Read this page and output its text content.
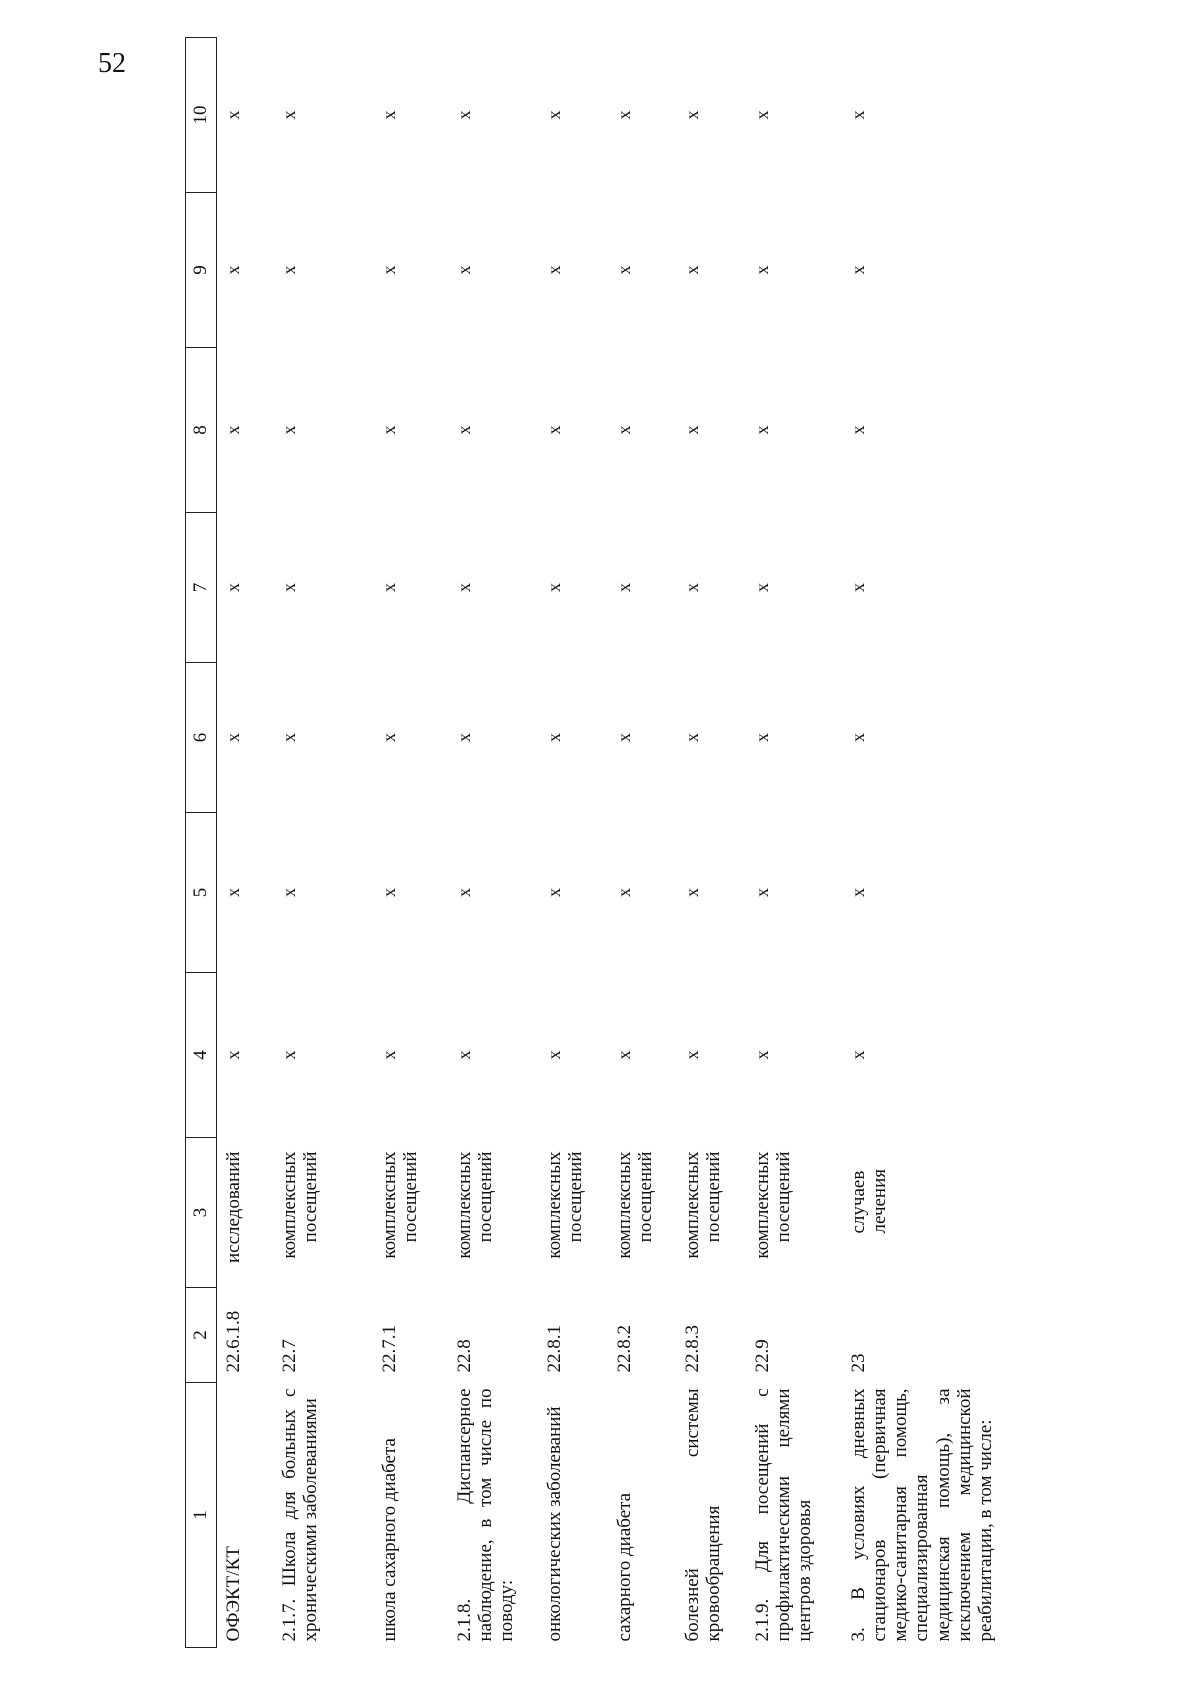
52
1	2	3	4	5	6	7	8	9	10
ОФЭКТ/КТ	22.6.1.8	исследований	х	х	х	х	х	х	х
2.1.7. Школа для больных с хроническими заболеваниями	22.7	комплексных посещений	х	х	х	х	х	х	х
школа сахарного диабета	22.7.1	комплексных посещений	х	х	х	х	х	х	х
2.1.8. Диспансерное наблюдение, в том числе по поводу:	22.8	комплексных посещений	х	х	х	х	х	х	х
онкологических заболеваний	22.8.1	комплексных посещений	х	х	х	х	х	х	х
сахарного диабета	22.8.2	комплексных посещений	х	х	х	х	х	х	х
болезней системы кровообращения	22.8.3	комплексных посещений	х	х	х	х	х	х	х
2.1.9. Для посещений с профилактическими целями центров здоровья	22.9	комплексных посещений	х	х	х	х	х	х	х
3. В условиях дневных стационаров (первичная медико-санитарная помощь, специализированная медицинская помощь), за исключением медицинской реабилитации, в том числе:	23	случаев лечения	х	х	х	х	х	х	х
